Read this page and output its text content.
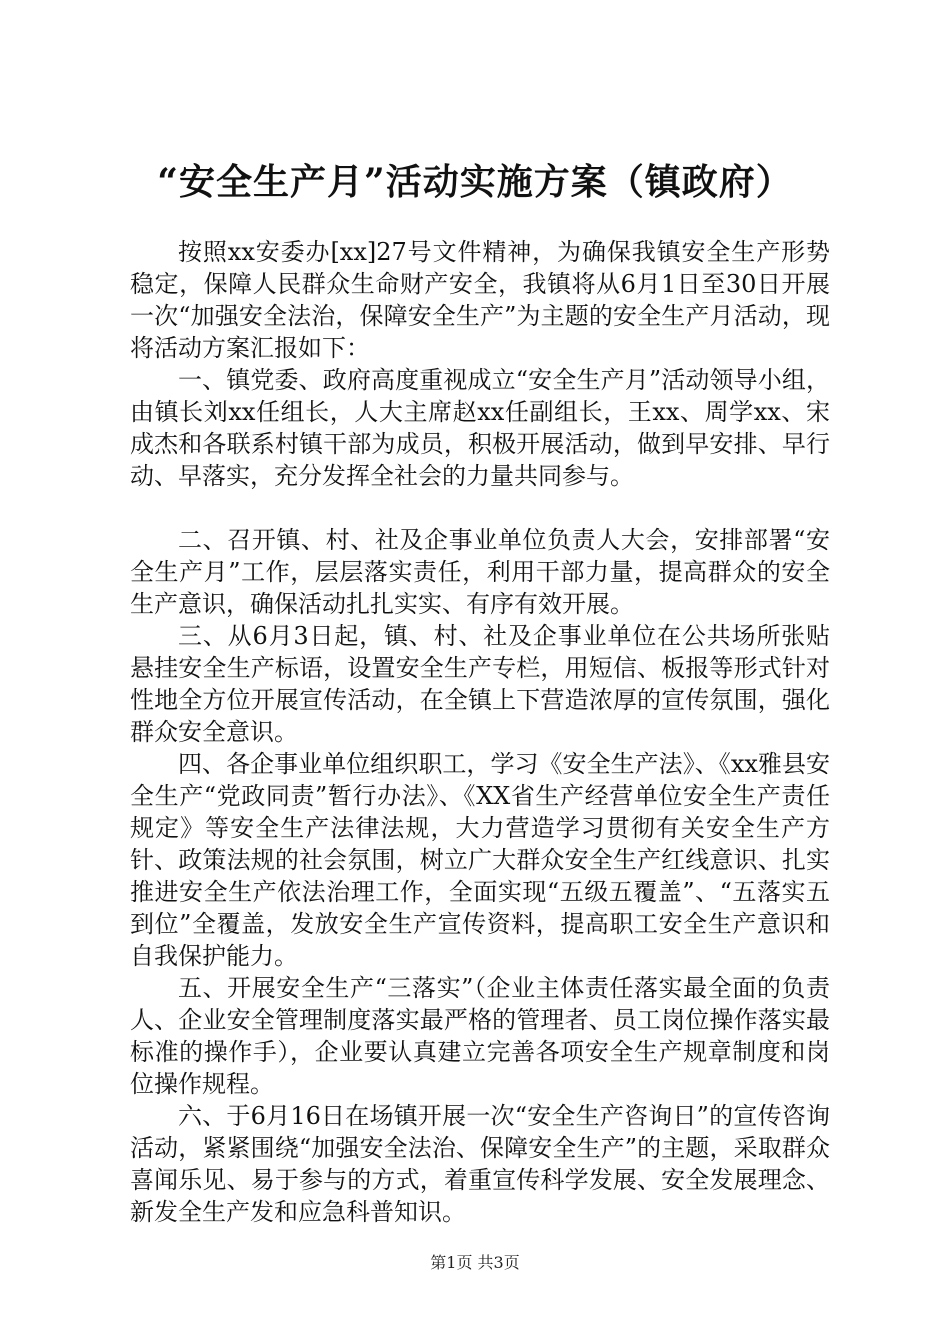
“安全生产月”活动实施方案（镇政府）

按照xx安委办[xx]27号文件精神，为确保我镇安全生产形势稳定，保障人民群众生命财产安全，我镇将从6月1日至30日开展一次“加强安全法治，保障安全生产”为主题的安全生产月活动，现将活动方案汇报如下：

一、镇党委、政府高度重视成立“安全生产月”活动领导小组，由镇长刘xx任组长，人大主席赵xx任副组长，王xx、周学xx、宋成杰和各联系村镇干部为成员，积极开展活动，做到早安排、早行动、早落实，充分发挥全社会的力量共同参与。

二、召开镇、村、社及企事业单位负责人大会，安排部署“安全生产月”工作，层层落实责任，利用干部力量，提高群众的安全生产意识，确保活动扎扎实实、有序有效开展。

三、从6月3日起，镇、村、社及企事业单位在公共场所张贴悬挂安全生产标语，设置安全生产专栏，用短信、板报等形式针对性地全方位开展宣传活动，在全镇上下营造浓厚的宣传氛围，强化群众安全意识。

四、各企事业单位组织职工，学习《安全生产法》、《xx雅县安全生产“党政同责”暂行办法》、《XX省生产经营单位安全生产责任规定》等安全生产法律法规，大力营造学习贯彻有关安全生产方针、政策法规的社会氛围，树立广大群众安全生产红线意识、扎实推进安全生产依法治理工作，全面实现“五级五覆盖”、“五落实五到位”全覆盖，发放安全生产宣传资料，提高职工安全生产意识和自我保护能力。

五、开展安全生产“三落实”（企业主体责任落实最全面的负责人、企业安全管理制度落实最严格的管理者、员工岗位操作落实最标准的操作手），企业要认真建立完善各项安全生产规章制度和岗位操作规程。

六、于6月16日在场镇开展一次“安全生产咨询日”的宣传咨询活动，紧紧围绕“加强安全法治、保障安全生产”的主题，采取群众喜闻乐见、易于参与的方式，着重宣传科学发展、安全发展理念、新发全生产发和应急科普知识。

第1页 共3页
